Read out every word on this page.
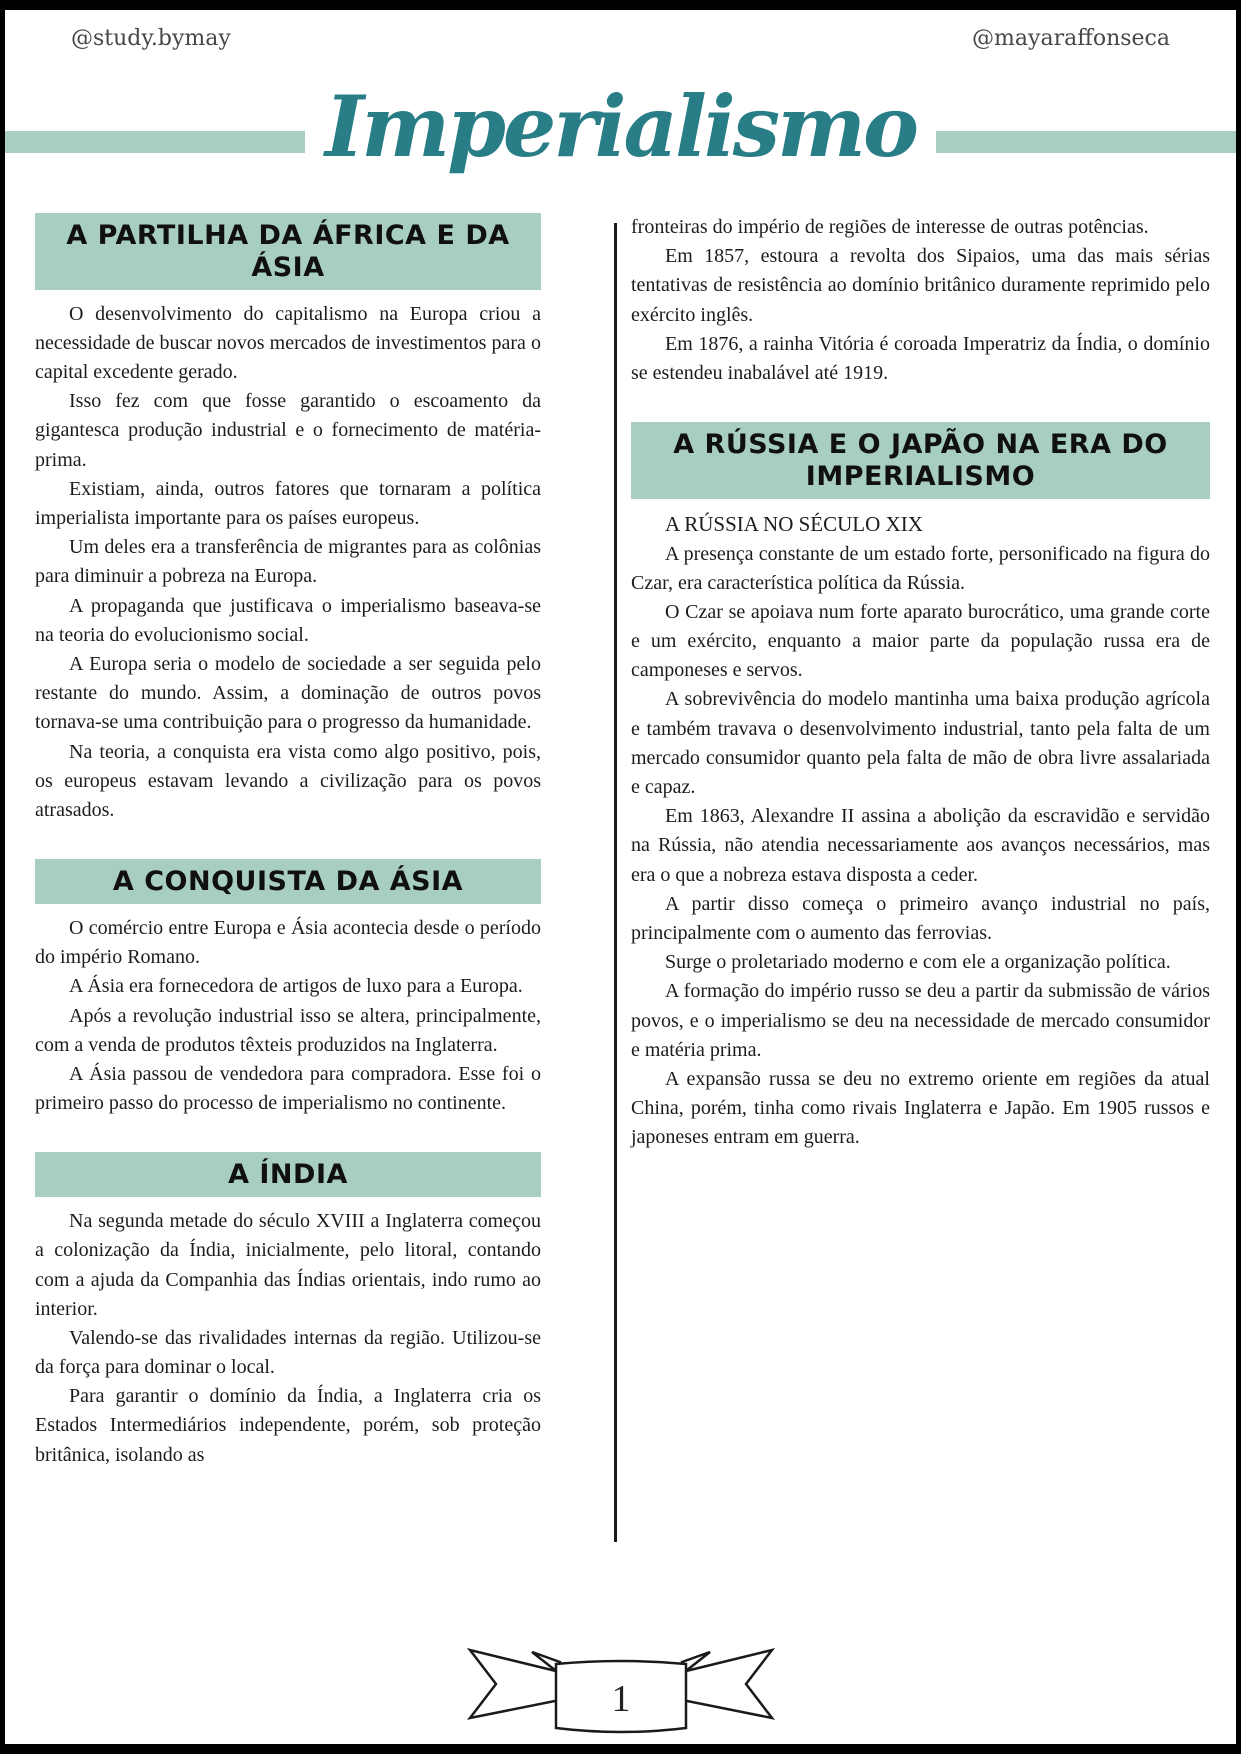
@study.bymay	@mayaraffonseca
Imperialismo
A PARTILHA DA ÁFRICA E DA ÁSIA

O desenvolvimento do capitalismo na Europa criou a necessidade de buscar novos mercados de investimentos para o capital excedente gerado.

Isso fez com que fosse garantido o escoamento da gigantesca produção industrial e o fornecimento de matéria-prima.

Existiam, ainda, outros fatores que tornaram a política imperialista importante para os países europeus.

Um deles era a transferência de migrantes para as colônias para diminuir a pobreza na Europa.

A propaganda que justificava o imperialismo baseava-se na teoria do evolucionismo social.

A Europa seria o modelo de sociedade a ser seguida pelo restante do mundo. Assim, a dominação de outros povos tornava-se uma contribuição para o progresso da humanidade.

Na teoria, a conquista era vista como algo positivo, pois, os europeus estavam levando a civilização para os povos atrasados.

A CONQUISTA DA ÁSIA

O comércio entre Europa e Ásia acontecia desde o período do império Romano.

A Ásia era fornecedora de artigos de luxo para a Europa.

Após a revolução industrial isso se altera, principalmente, com a venda de produtos têxteis produzidos na Inglaterra.

A Ásia passou de vendedora para compradora. Esse foi o primeiro passo do processo de imperialismo no continente.

A ÍNDIA

Na segunda metade do século XVIII a Inglaterra começou a colonização da Índia, inicialmente, pelo litoral, contando com a ajuda da Companhia das Índias orientais, indo rumo ao interior.

Valendo-se das rivalidades internas da região. Utilizou-se da força para dominar o local.

Para garantir o domínio da Índia, a Inglaterra cria os Estados Intermediários independente, porém, sob proteção britânica, isolando as

fronteiras do império de regiões de interesse de outras potências.

Em 1857, estoura a revolta dos Sipaios, uma das mais sérias tentativas de resistência ao domínio britânico duramente reprimido pelo exército inglês.

Em 1876, a rainha Vitória é coroada Imperatriz da Índia, o domínio se estendeu inabalável até 1919.

A RÚSSIA E O JAPÃO NA ERA DO IMPERIALISMO

A RÚSSIA NO SÉCULO XIX

A presença constante de um estado forte, personificado na figura do Czar, era característica política da Rússia.

O Czar se apoiava num forte aparato burocrático, uma grande corte e um exército, enquanto a maior parte da população russa era de camponeses e servos.

A sobrevivência do modelo mantinha uma baixa produção agrícola e também travava o desenvolvimento industrial, tanto pela falta de um mercado consumidor quanto pela falta de mão de obra livre assalariada e capaz.

Em 1863, Alexandre II assina a abolição da escravidão e servidão na Rússia, não atendia necessariamente aos avanços necessários, mas era o que a nobreza estava disposta a ceder.

A partir disso começa o primeiro avanço industrial no país, principalmente com o aumento das ferrovias.

Surge o proletariado moderno e com ele a organização política.

A formação do império russo se deu a partir da submissão de vários povos, e o imperialismo se deu na necessidade de mercado consumidor e matéria prima.

A expansão russa se deu no extremo oriente em regiões da atual China, porém, tinha como rivais Inglaterra e Japão. Em 1905 russos e japoneses entram em guerra.

1
